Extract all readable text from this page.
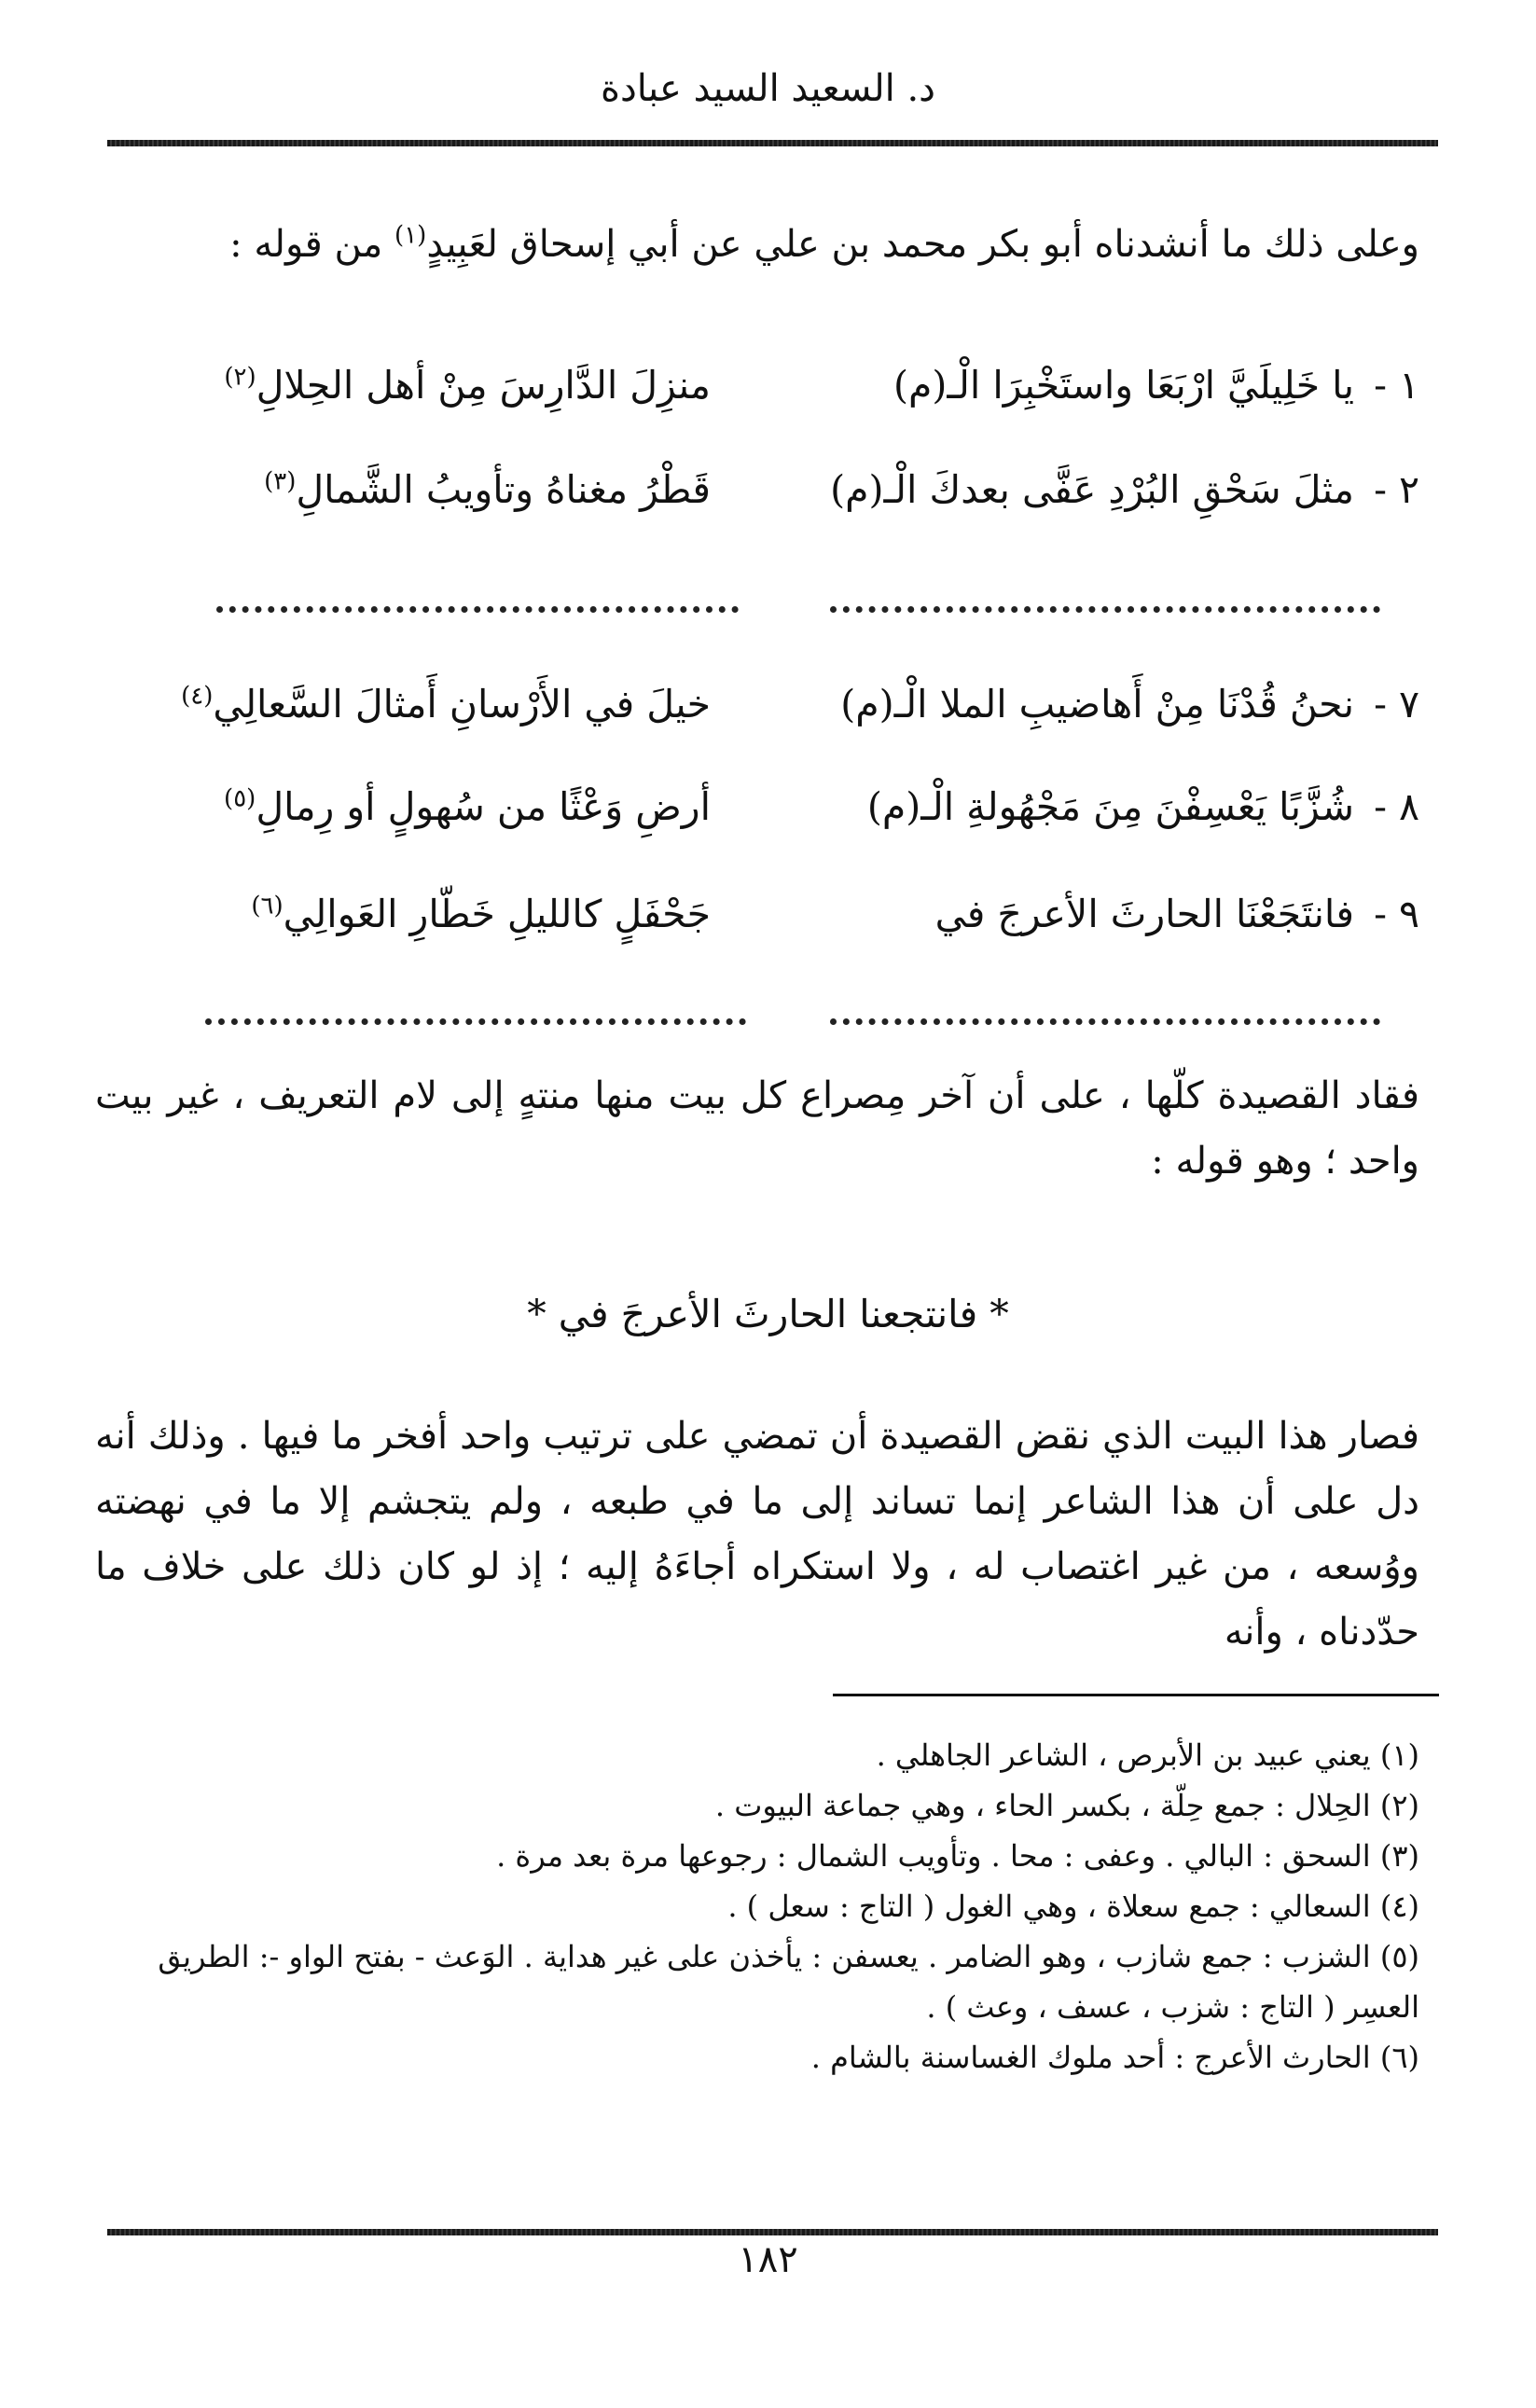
د. السعيد السيد عبادة
وعلى ذلك ما أنشدناه أبو بكر محمد بن علي عن أبي إسحاق لعَبِيدٍ$^{(١)}$ من قوله :
١ -
يا خَلِيلَيَّ ارْبَعَا واستَخْبِرَا الْـ(م)
منزِلَ الدَّارِسَ مِنْ أهل الحِلالِ$^{(٢)}$
٢ -
مثلَ سَحْقِ البُرْدِ عَفَّى بعدكَ الْـ(م)
قَطْرُ مغناهُ وتأويبُ الشَّمالِ$^{(٣)}$
٧ -
نحنُ قُدْنَا مِنْ أَهاضيبِ الملا الْـ(م)
خيلَ في الأَرْسانِ أَمثالَ السَّعالِي$^{(٤)}$
٨ -
شُزَّبًا يَعْسِفْنَ مِنَ مَجْهُولةِ الْـ(م)
أرضِ وَعْثًا من سُهولٍ أو رِمالِ$^{(٥)}$
٩ -
فانتَجَعْنَا الحارثَ الأعرجَ في
جَحْفَلٍ كالليلِ خَطّارِ العَوالِي$^{(٦)}$
فقاد القصيدة كلّها ، على أن آخر مِصراع كل بيت منها منتهٍ إلى لام التعريف ، غير بيت واحد ؛ وهو قوله :
* فانتجعنا الحارثَ الأعرجَ في *
فصار هذا البيت الذي نقض القصيدة أن تمضي على ترتيب واحد أفخر ما فيها . وذلك أنه دل على أن هذا الشاعر إنما تساند إلى ما في طبعه ، ولم يتجشم إلا ما في نهضته ووُسعه ، من غير اغتصاب له ، ولا استكراه أجاءَهُ إليه ؛ إذ لو كان ذلك على خلاف ما حدّدناه ، وأنه
(١) يعني عبيد بن الأبرص ، الشاعر الجاهلي .
(٢) الحِلال : جمع حِلّة ، بكسر الحاء ، وهي جماعة البيوت .
(٣) السحق : البالي . وعفى : محا . وتأويب الشمال : رجوعها مرة بعد مرة .
(٤) السعالي : جمع سعلاة ، وهي الغول ( التاج : سعل ) .
(٥) الشزب : جمع شازب ، وهو الضامر . يعسفن : يأخذن على غير هداية . الوَعث - بفتح الواو -: الطريق
العسِر ( التاج : شزب ، عسف ، وعث ) .
(٦) الحارث الأعرج : أحد ملوك الغساسنة بالشام .
١٨٢
